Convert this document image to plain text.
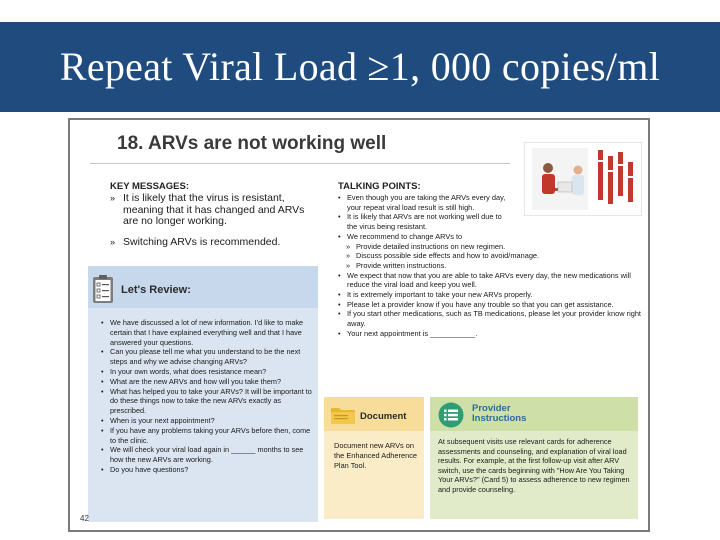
Repeat Viral Load ≥1, 000 copies/ml
18. ARVs are not working well
KEY MESSAGES:
» It is likely that the virus is resistant, meaning that it has changed and ARVs are no longer working.
» Switching ARVs is recommended.
TALKING POINTS:
• Even though you are taking the ARVs every day, your repeat viral load result is still high.
• It is likely that ARVs are not working well due to the virus being resistant.
• We recommend to change ARVs to
» Provide detailed instructions on new regimen.
» Discuss possible side effects and how to avoid/manage.
» Provide written instructions.
• We expect that now that you are able to take ARVs every day, the new medications will reduce the viral load and keep you well.
• It is extremely important to take your new ARVs properly.
• Please let a provider know if you have any trouble so that you can get assistance.
• If you start other medications, such as TB medications, please let your provider know right away.
• Your next appointment is ___________.
Let's Review:
• We have discussed a lot of new information. I'd like to make certain that I have explained everything well and that I have answered your questions.
• Can you please tell me what you understand to be the next steps and why we advise changing ARVs?
• In your own words, what does resistance mean?
• What are the new ARVs and how will you take them?
• What has helped you to take your ARVs? It will be important to do these things now to take the new ARVs exactly as prescribed.
• When is your next appointment?
• If you have any problems taking your ARVs before then, come to the clinic.
• We will check your viral load again in ______ months to see how the new ARVs are working.
• Do you have questions?
42
Document

Document new ARVs on the Enhanced Adherence Plan Tool.

Provider
Instructions

At subsequent visits use relevant cards for adherence assessments and counseling, and explanation of viral load results. For example, at the first follow-up visit after ARV switch, use the cards beginning with "How Are You Taking Your ARVs?" (Card 5) to assess adherence to new regimen and provide counseling.
